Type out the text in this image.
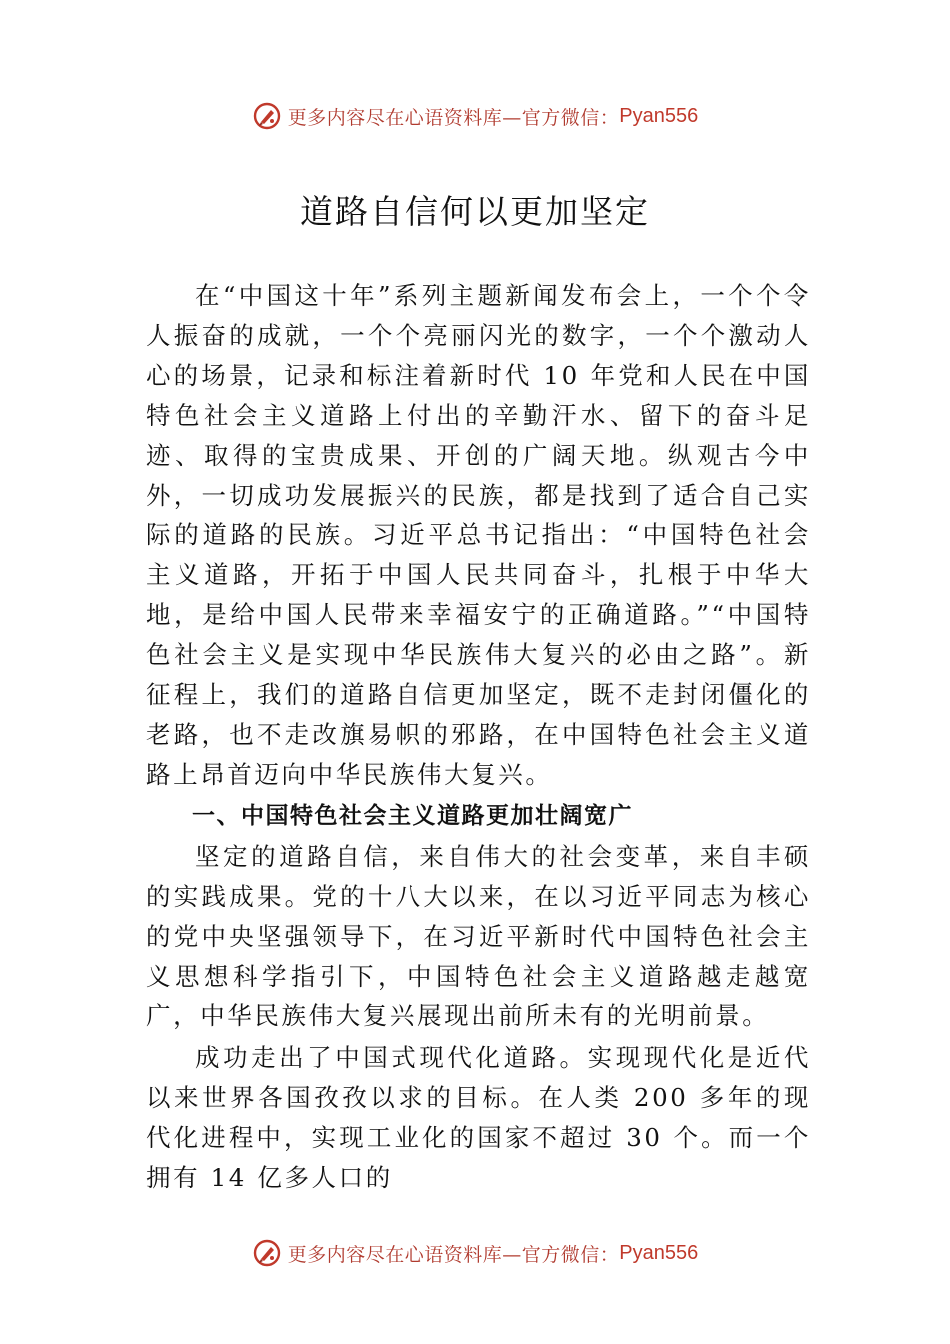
更多内容尽在心语资料库—官方微信： Pyan556
道路自信何以更加坚定

在“中国这十年”系列主题新闻发布会上，一个个令人振奋的成就，一个个亮丽闪光的数字，一个个激动人心的场景，记录和标注着新时代 10 年党和人民在中国特色社会主义道路上付出的辛勤汗水、留下的奋斗足迹、取得的宝贵成果、开创的广阔天地。纵观古今中外，一切成功发展振兴的民族，都是找到了适合自己实际的道路的民族。习近平总书记指出：“中国特色社会主义道路，开拓于中国人民共同奋斗，扎根于中华大地，是给中国人民带来幸福安宁的正确道路。”“中国特色社会主义是实现中华民族伟大复兴的必由之路”。新征程上，我们的道路自信更加坚定，既不走封闭僵化的老路，也不走改旗易帜的邪路，在中国特色社会主义道路上昂首迈向中华民族伟大复兴。

一、中国特色社会主义道路更加壮阔宽广

坚定的道路自信，来自伟大的社会变革，来自丰硕的实践成果。党的十八大以来，在以习近平同志为核心的党中央坚强领导下，在习近平新时代中国特色社会主义思想科学指引下，中国特色社会主义道路越走越宽广，中华民族伟大复兴展现出前所未有的光明前景。

成功走出了中国式现代化道路。实现现代化是近代以来世界各国孜孜以求的目标。在人类 200 多年的现代化进程中，实现工业化的国家不超过 30 个。而一个拥有 14 亿多人口的

更多内容尽在心语资料库—官方微信： Pyan556
